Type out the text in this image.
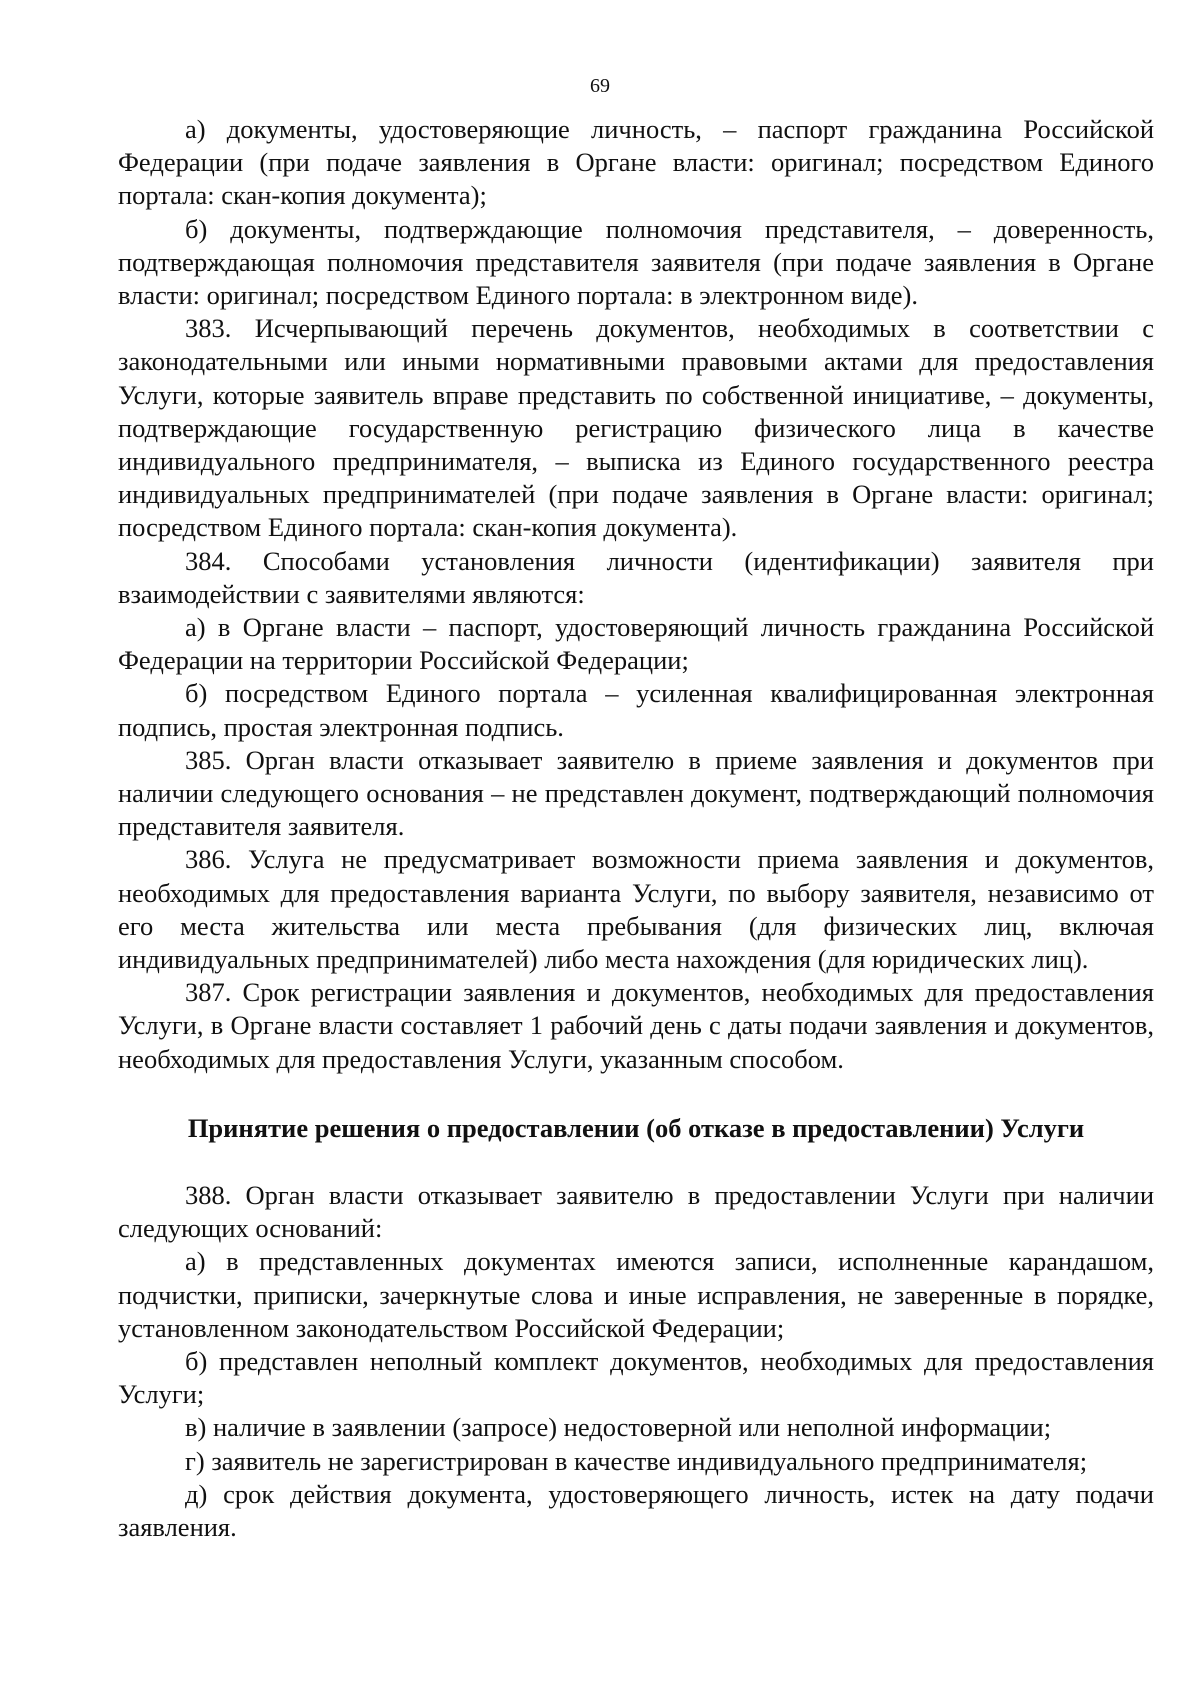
69

а) документы, удостоверяющие личность, – паспорт гражданина Российской Федерации (при подаче заявления в Органе власти: оригинал; посредством Единого портала: скан-копия документа);

б) документы, подтверждающие полномочия представителя, – доверенность, подтверждающая полномочия представителя заявителя (при подаче заявления в Органе власти: оригинал; посредством Единого портала: в электронном виде).

383. Исчерпывающий перечень документов, необходимых в соответствии с законодательными или иными нормативными правовыми актами для предоставления Услуги, которые заявитель вправе представить по собственной инициативе, – документы, подтверждающие государственную регистрацию физического лица в качестве индивидуального предпринимателя, – выписка из Единого государственного реестра индивидуальных предпринимателей (при подаче заявления в Органе власти: оригинал; посредством Единого портала: скан-копия документа).

384. Способами установления личности (идентификации) заявителя при взаимодействии с заявителями являются:

а) в Органе власти – паспорт, удостоверяющий личность гражданина Российской Федерации на территории Российской Федерации;

б) посредством Единого портала – усиленная квалифицированная электронная подпись, простая электронная подпись.

385. Орган власти отказывает заявителю в приеме заявления и документов при наличии следующего основания – не представлен документ, подтверждающий полномочия представителя заявителя.

386. Услуга не предусматривает возможности приема заявления и документов, необходимых для предоставления варианта Услуги, по выбору заявителя, независимо от его места жительства или места пребывания (для физических лиц, включая индивидуальных предпринимателей) либо места нахождения (для юридических лиц).

387. Срок регистрации заявления и документов, необходимых для предоставления Услуги, в Органе власти составляет 1 рабочий день с даты подачи заявления и документов, необходимых для предоставления Услуги, указанным способом.

Принятие решения о предоставлении (об отказе в предоставлении) Услуги

388. Орган власти отказывает заявителю в предоставлении Услуги при наличии следующих оснований:

а) в представленных документах имеются записи, исполненные карандашом, подчистки, приписки, зачеркнутые слова и иные исправления, не заверенные в порядке, установленном законодательством Российской Федерации;

б) представлен неполный комплект документов, необходимых для предоставления Услуги;

в) наличие в заявлении (запросе) недостоверной или неполной информации;

г) заявитель не зарегистрирован в качестве индивидуального предпринимателя;

д) срок действия документа, удостоверяющего личность, истек на дату подачи заявления.
